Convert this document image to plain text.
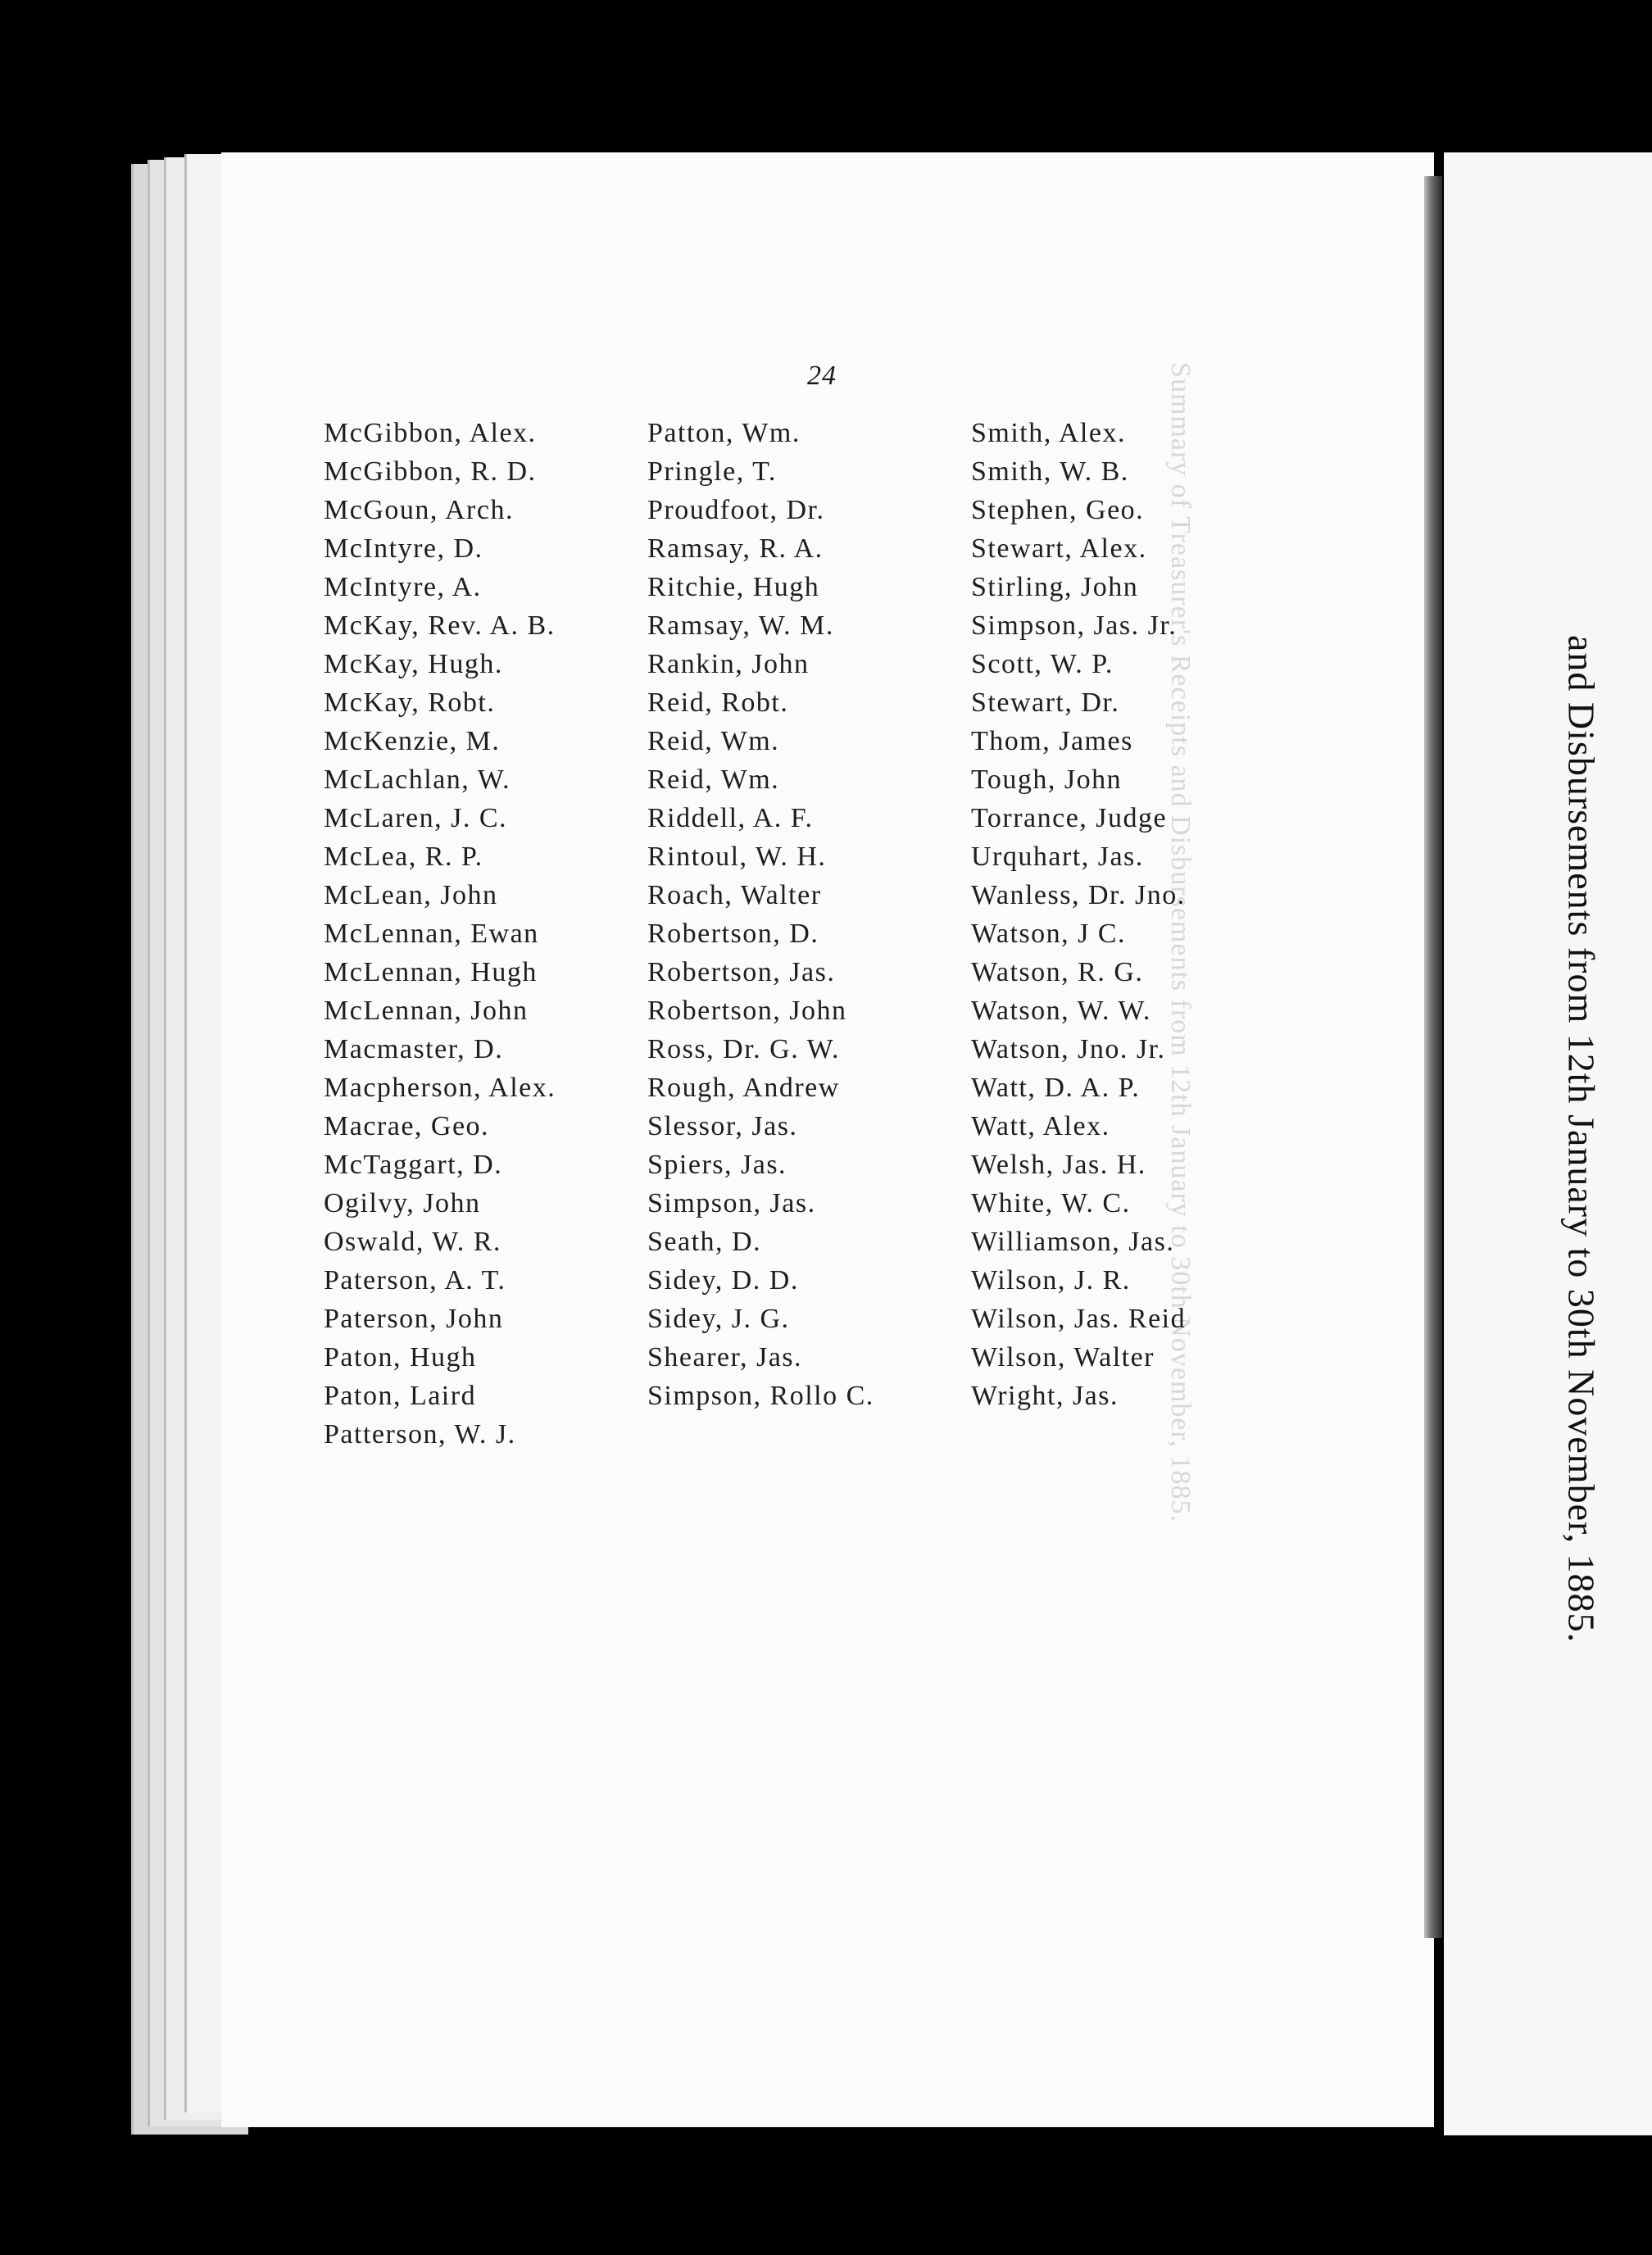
Summary of Treasurer's Receipts and Disbursements from 12th January to 30th November, 1885.
24
McGibbon, Alex.
McGibbon, R. D.
McGoun, Arch.
McIntyre, D.
McIntyre, A.
McKay, Rev. A. B.
McKay, Hugh.
McKay, Robt.
McKenzie, M.
McLachlan, W.
McLaren, J. C.
McLea, R. P.
McLean, John
McLennan, Ewan
McLennan, Hugh
McLennan, John
Macmaster, D.
Macpherson, Alex.
Macrae, Geo.
McTaggart, D.
Ogilvy, John
Oswald, W. R.
Paterson, A. T.
Paterson, John
Paton, Hugh
Paton, Laird
Patterson, W. J.
Patton, Wm.
Pringle, T.
Proudfoot, Dr.
Ramsay, R. A.
Ritchie, Hugh
Ramsay, W. M.
Rankin, John
Reid, Robt.
Reid, Wm.
Reid, Wm.
Riddell, A. F.
Rintoul, W. H.
Roach, Walter
Robertson, D.
Robertson, Jas.
Robertson, John
Ross, Dr. G. W.
Rough, Andrew
Slessor, Jas.
Spiers, Jas.
Simpson, Jas.
Seath, D.
Sidey, D. D.
Sidey, J. G.
Shearer, Jas.
Simpson, Rollo C.
Smith, Alex.
Smith, W. B.
Stephen, Geo.
Stewart, Alex.
Stirling, John
Simpson, Jas. Jr.
Scott, W. P.
Stewart, Dr.
Thom, James
Tough, John
Torrance, Judge
Urquhart, Jas.
Wanless, Dr. Jno.
Watson, J C.
Watson, R. G.
Watson, W. W.
Watson, Jno. Jr.
Watt, D. A. P.
Watt, Alex.
Welsh, Jas. H.
White, W. C.
Williamson, Jas.
Wilson, J. R.
Wilson, Jas. Reid
Wilson, Walter
Wright, Jas.	and Disbursements from 12th January to 30th November, 1885.
